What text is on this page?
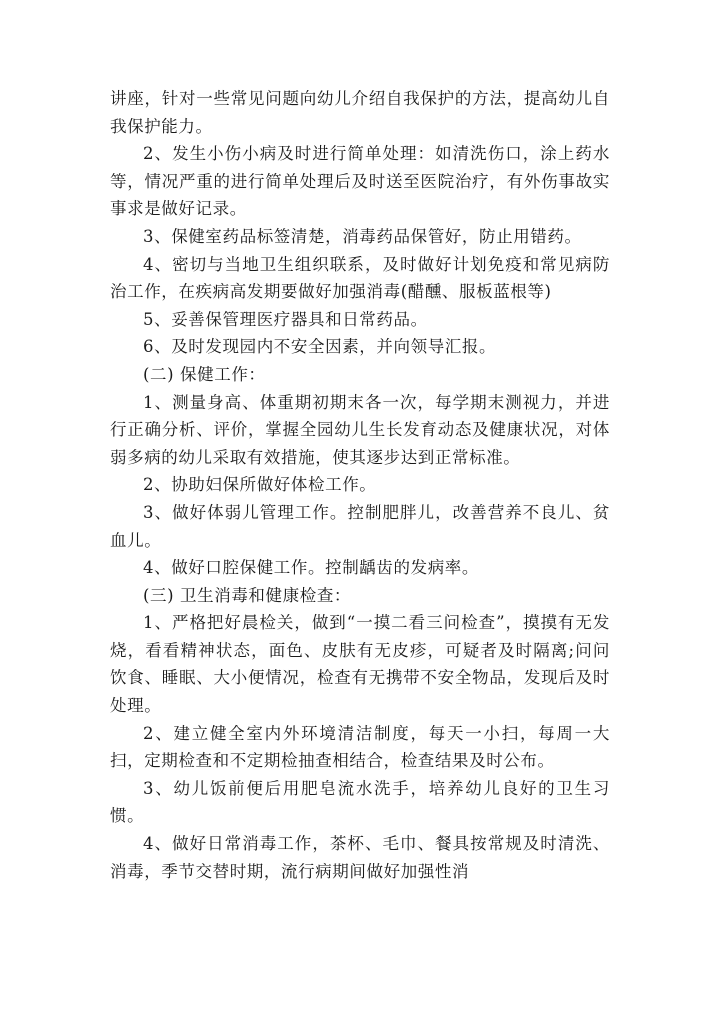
讲座，针对一些常见问题向幼儿介绍自我保护的方法，提高幼儿自我保护能力。

2、发生小伤小病及时进行简单处理：如清洗伤口，涂上药水等，情况严重的进行简单处理后及时送至医院治疗，有外伤事故实事求是做好记录。

3、保健室药品标签清楚，消毒药品保管好，防止用错药。

4、密切与当地卫生组织联系，及时做好计划免疫和常见病防治工作，在疾病高发期要做好加强消毒(醋醺、服板蓝根等)

5、妥善保管理医疗器具和日常药品。

6、及时发现园内不安全因素，并向领导汇报。

(二) 保健工作：

1、测量身高、体重期初期末各一次，每学期末测视力，并进行正确分析、评价，掌握全园幼儿生长发育动态及健康状况，对体弱多病的幼儿采取有效措施，使其逐步达到正常标准。

2、协助妇保所做好体检工作。

3、做好体弱儿管理工作。控制肥胖儿，改善营养不良儿、贫血儿。

4、做好口腔保健工作。控制龋齿的发病率。

(三) 卫生消毒和健康检查：

1、严格把好晨检关，做到“一摸二看三问检查”，摸摸有无发烧，看看精神状态，面色、皮肤有无皮疹，可疑者及时隔离;问问饮食、睡眠、大小便情况，检查有无携带不安全物品，发现后及时处理。

2、建立健全室内外环境清洁制度，每天一小扫，每周一大扫，定期检查和不定期检抽查相结合，检查结果及时公布。

3、幼儿饭前便后用肥皂流水洗手，培养幼儿良好的卫生习惯。

4、做好日常消毒工作，茶杯、毛巾、餐具按常规及时清洗、消毒，季节交替时期，流行病期间做好加强性消
